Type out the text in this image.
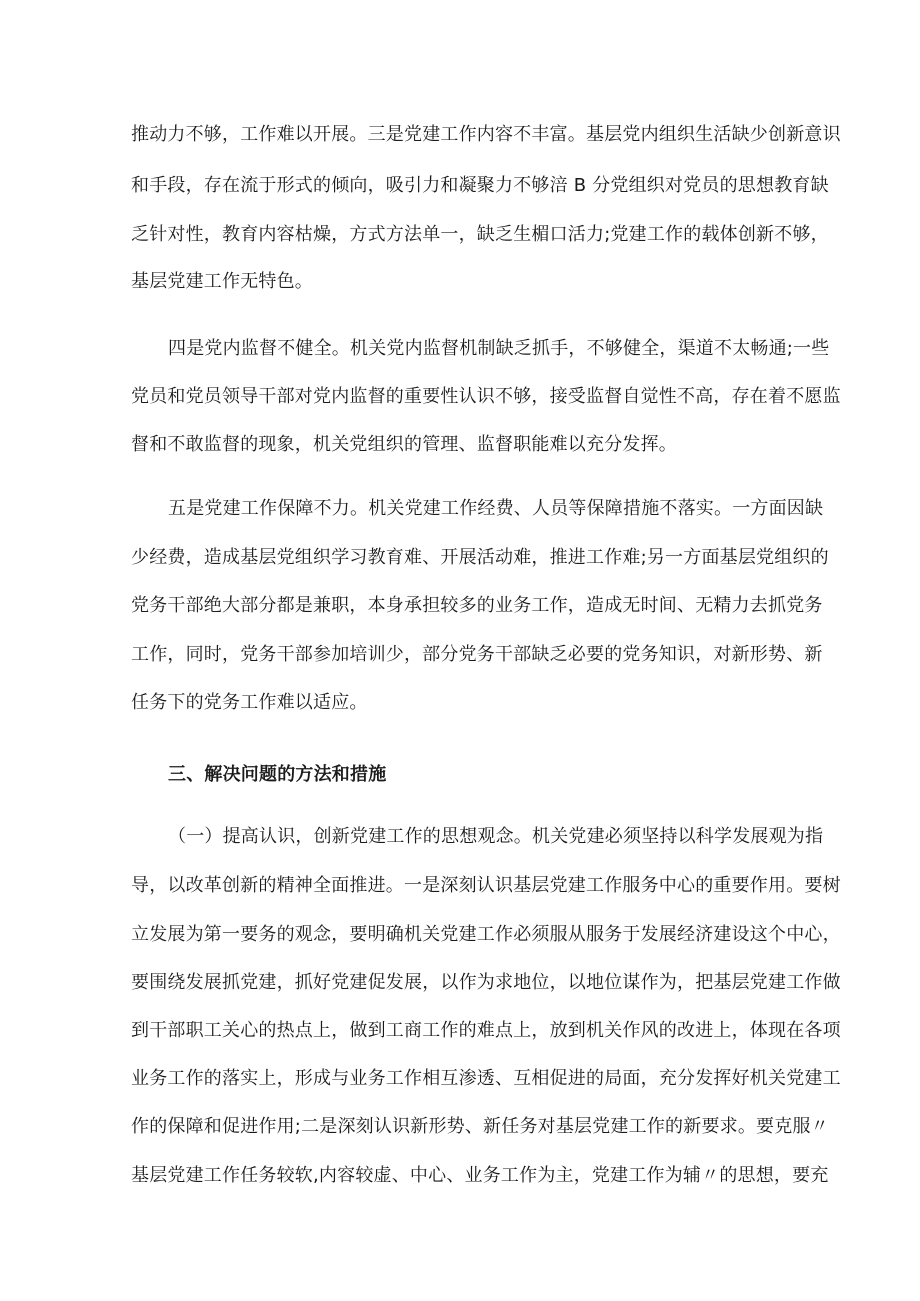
推动力不够，工作难以开展。三是党建工作内容不丰富。基层党内组织生活缺少创新意识
和手段，存在流于形式的倾向，吸引力和凝聚力不够涪 B 分党组织对党员的思想教育缺
乏针对性，教育内容枯燥，方式方法单一，缺乏生楣口活力;党建工作的载体创新不够，
基层党建工作无特色。
四是党内监督不健全。机关党内监督机制缺乏抓手，不够健全，渠道不太畅通;一些
党员和党员领导干部对党内监督的重要性认识不够，接受监督自觉性不高，存在着不愿监
督和不敢监督的现象，机关党组织的管理、监督职能难以充分发挥。
五是党建工作保障不力。机关党建工作经费、人员等保障措施不落实。一方面因缺
少经费，造成基层党组织学习教育难、开展活动难，推进工作难;另一方面基层党组织的
党务干部绝大部分都是兼职，本身承担较多的业务工作，造成无时间、无精力去抓党务
工作，同时，党务干部参加培训少，部分党务干部缺乏必要的党务知识，对新形势、新
任务下的党务工作难以适应。
三、解决问题的方法和措施
（一）提高认识，创新党建工作的思想观念。机关党建必须坚持以科学发展观为指
导，以改革创新的精神全面推进。一是深刻认识基层党建工作服务中心的重要作用。要树
立发展为第一要务的观念，要明确机关党建工作必须服从服务于发展经济建设这个中心，
要围绕发展抓党建，抓好党建促发展，以作为求地位，以地位谋作为，把基层党建工作做
到干部职工关心的热点上，做到工商工作的难点上，放到机关作风的改进上，体现在各项
业务工作的落实上，形成与业务工作相互渗透、互相促进的局面，充分发挥好机关党建工
作的保障和促进作用;二是深刻认识新形势、新任务对基层党建工作的新要求。要克服〃
基层党建工作任务较软,内容较虚、中心、业务工作为主，党建工作为辅〃的思想，要充
